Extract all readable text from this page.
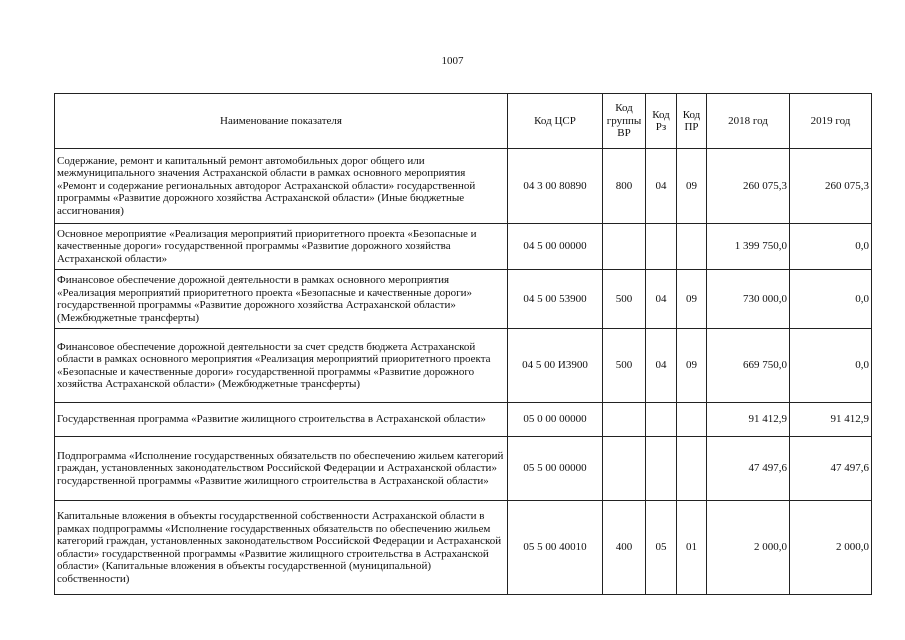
1007
Наименование показателя	Код ЦСР	Код группы ВР	Код Рз	Код ПР	2018 год	2019 год
Содержание, ремонт и капитальный ремонт автомобильных дорог общего или межмуниципального значения Астраханской области в рамках основного мероприятия «Ремонт и содержание региональных автодорог Астраханской области» государственной программы «Развитие дорожного хозяйства Астраханской области» (Иные бюджетные ассигнования)	04 3 00 80890	800	04	09	260 075,3	260 075,3
Основное мероприятие «Реализация мероприятий приоритетного проекта «Безопасные и качественные дороги» государственной программы «Развитие дорожного хозяйства Астраханской области»	04 5 00 00000				1 399 750,0	0,0
Финансовое обеспечение дорожной деятельности в рамках основного мероприятия «Реализация мероприятий приоритетного проекта «Безопасные и качественные дороги» государственной программы «Развитие дорожного хозяйства Астраханской области» (Межбюджетные трансферты)	04 5 00 53900	500	04	09	730 000,0	0,0
Финансовое обеспечение дорожной деятельности за счет средств бюджета Астраханской области в рамках основного мероприятия «Реализация мероприятий приоритетного проекта «Безопасные и качественные дороги» государственной программы «Развитие дорожного хозяйства Астраханской области» (Межбюджетные трансферты)	04 5 00 И3900	500	04	09	669 750,0	0,0
Государственная программа «Развитие жилищного строительства в Астраханской области»	05 0 00 00000				91 412,9	91 412,9
Подпрограмма «Исполнение государственных обязательств по обеспечению жильем категорий граждан, установленных законодательством Российской Федерации и Астраханской области» государственной программы «Развитие жилищного строительства в Астраханской области»	05 5 00 00000				47 497,6	47 497,6
Капитальные вложения в объекты государственной собственности Астраханской области в рамках подпрограммы «Исполнение государственных обязательств по обеспечению жильем категорий граждан, установленных законодательством Российской Федерации и Астраханской области» государственной программы «Развитие жилищного строительства в Астраханской области» (Капитальные вложения в объекты государственной (муниципальной) собственности)	05 5 00 40010	400	05	01	2 000,0	2 000,0
